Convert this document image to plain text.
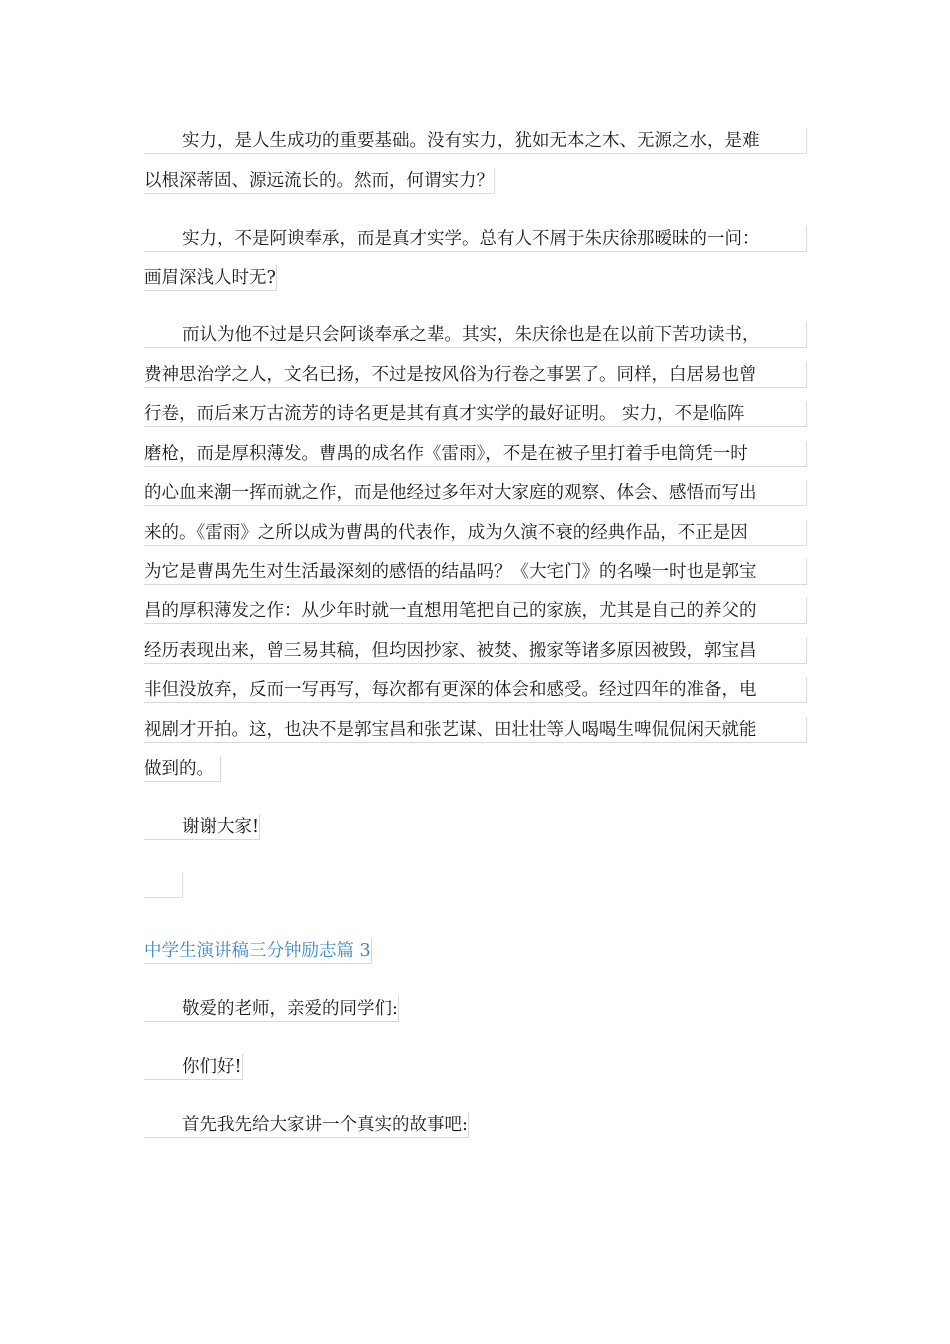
实力，是人生成功的重要基础。没有实力，犹如无本之木、无源之水，是难
以根深蒂固、源远流长的。然而，何谓实力？
实力，不是阿谀奉承，而是真才实学。总有人不屑于朱庆徐那暧昧的一问：
画眉深浅人时无?
而认为他不过是只会阿谈奉承之辈。其实，朱庆徐也是在以前下苦功读书，
费神思治学之人，文名已扬，不过是按风俗为行卷之事罢了。同样，白居易也曾
行卷，而后来万古流芳的诗名更是其有真才实学的最好证明。 实力，不是临阵
磨枪，而是厚积薄发。曹禺的成名作《雷雨》，不是在被子里打着手电筒凭一时
的心血来潮一挥而就之作，而是他经过多年对大家庭的观察、体会、感悟而写出
来的。《雷雨》之所以成为曹禺的代表作，成为久演不衰的经典作品，不正是因
为它是曹禺先生对生活最深刻的感悟的结晶吗？《大宅门》的名噪一时也是郭宝
昌的厚积薄发之作：从少年时就一直想用笔把自己的家族，尤其是自己的养父的
经历表现出来，曾三易其稿，但均因抄家、被焚、搬家等诸多原因被毁，郭宝昌
非但没放弃，反而一写再写，每次都有更深的体会和感受。经过四年的准备，电
视剧才开拍。这，也决不是郭宝昌和张艺谋、田壮壮等人喝喝生啤侃侃闲天就能
做到的。
谢谢大家!
中学生演讲稿三分钟励志篇 3
敬爱的老师，亲爱的同学们:
你们好!
首先我先给大家讲一个真实的故事吧:
